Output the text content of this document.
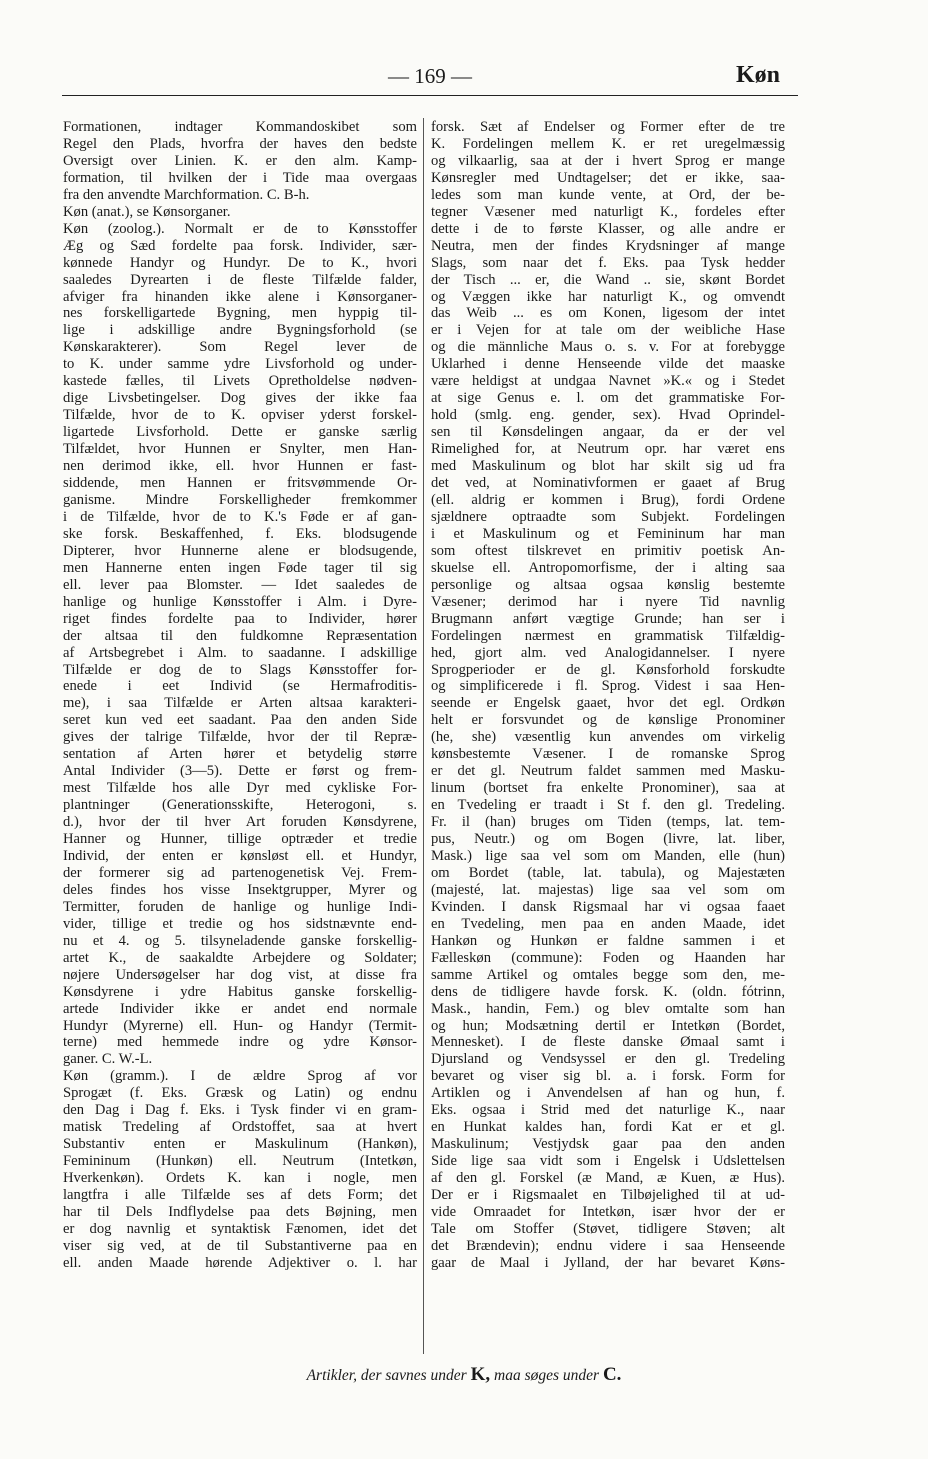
— 169 —	Køn

Formationen, indtager Kommandoskibet som

Regel den Plads, hvorfra der haves den bedste

Oversigt over Linien. K. er den alm. Kamp-

formation, til hvilken der i Tide maa overgaas

fra den anvendte Marchformation. C. B-h.

Køn (anat.), se Kønsorganer.

Køn (zoolog.). Normalt er de to Kønsstoffer

Æg og Sæd fordelte paa forsk. Individer, sær-

kønnede Handyr og Hundyr. De to K., hvori

saaledes Dyrearten i de fleste Tilfælde falder,

afviger fra hinanden ikke alene i Kønsorganer-

nes forskelligartede Bygning, men hyppig til-

lige i adskillige andre Bygningsforhold (se

Kønskarakterer). Som Regel lever de

to K. under samme ydre Livsforhold og under-

kastede fælles, til Livets Opretholdelse nødven-

dige Livsbetingelser. Dog gives der ikke faa

Tilfælde, hvor de to K. opviser yderst forskel-

ligartede Livsforhold. Dette er ganske særlig

Tilfældet, hvor Hunnen er Snylter, men Han-

nen derimod ikke, ell. hvor Hunnen er fast-

siddende, men Hannen er fritsvømmende Or-

ganisme. Mindre Forskelligheder fremkommer

i de Tilfælde, hvor de to K.'s Føde er af gan-

ske forsk. Beskaffenhed, f. Eks. blodsugende

Dipterer, hvor Hunnerne alene er blodsugende,

men Hannerne enten ingen Føde tager til sig

ell. lever paa Blomster. — Idet saaledes de

hanlige og hunlige Kønsstoffer i Alm. i Dyre-

riget findes fordelte paa to Individer, hører

der altsaa til den fuldkomne Repræsentation

af Artsbegrebet i Alm. to saadanne. I adskillige

Tilfælde er dog de to Slags Kønsstoffer for-

enede i eet Individ (se Hermafroditis-

me), i saa Tilfælde er Arten altsaa karakteri-

seret kun ved eet saadant. Paa den anden Side

gives der talrige Tilfælde, hvor der til Repræ-

sentation af Arten hører et betydelig større

Antal Individer (3—5). Dette er først og frem-

mest Tilfælde hos alle Dyr med cykliske For-

plantninger (Generationsskifte, Heterogoni, s.

d.), hvor der til hver Art foruden Kønsdyrene,

Hanner og Hunner, tillige optræder et tredie

Individ, der enten er kønsløst ell. et Hundyr,

der formerer sig ad partenogenetisk Vej. Frem-

deles findes hos visse Insektgrupper, Myrer og

Termitter, foruden de hanlige og hunlige Indi-

vider, tillige et tredie og hos sidstnævnte end-

nu et 4. og 5. tilsyneladende ganske forskellig-

artet K., de saakaldte Arbejdere og Soldater;

nøjere Undersøgelser har dog vist, at disse fra

Kønsdyrene i ydre Habitus ganske forskellig-

artede Individer ikke er andet end normale

Hundyr (Myrerne) ell. Hun- og Handyr (Termit-

terne) med hemmede indre og ydre Kønsor-

ganer. C. W.-L.

Køn (gramm.). I de ældre Sprog af vor

Sprogæt (f. Eks. Græsk og Latin) og endnu

den Dag i Dag f. Eks. i Tysk finder vi en gram-

matisk Tredeling af Ordstoffet, saa at hvert

Substantiv enten er Maskulinum (Hankøn),

Femininum (Hunkøn) ell. Neutrum (Intetkøn,

Hverkenkøn). Ordets K. kan i nogle, men

langtfra i alle Tilfælde ses af dets Form; det

har til Dels Indflydelse paa dets Bøjning, men

er dog navnlig et syntaktisk Fænomen, idet det

viser sig ved, at de til Substantiverne paa en

ell. anden Maade hørende Adjektiver o. l. har

forsk. Sæt af Endelser og Former efter de tre

K. Fordelingen mellem K. er ret uregelmæssig

og vilkaarlig, saa at der i hvert Sprog er mange

Kønsregler med Undtagelser; det er ikke, saa-

ledes som man kunde vente, at Ord, der be-

tegner Væsener med naturligt K., fordeles efter

dette i de to første Klasser, og alle andre er

Neutra, men der findes Krydsninger af mange

Slags, som naar det f. Eks. paa Tysk hedder

der Tisch ... er, die Wand .. sie, skønt Bordet

og Væggen ikke har naturligt K., og omvendt

das Weib ... es om Konen, ligesom der intet

er i Vejen for at tale om der weibliche Hase

og die männliche Maus o. s. v. For at forebygge

Uklarhed i denne Henseende vilde det maaske

være heldigst at undgaa Navnet »K.« og i Stedet

at sige Genus e. l. om det grammatiske For-

hold (smlg. eng. gender, sex). Hvad Oprindel-

sen til Kønsdelingen angaar, da er der vel

Rimelighed for, at Neutrum opr. har været ens

med Maskulinum og blot har skilt sig ud fra

det ved, at Nominativformen er gaaet af Brug

(ell. aldrig er kommen i Brug), fordi Ordene

sjældnere optraadte som Subjekt. Fordelingen

i et Maskulinum og et Femininum har man

som oftest tilskrevet en primitiv poetisk An-

skuelse ell. Antropomorfisme, der i alting saa

personlige og altsaa ogsaa kønslig bestemte

Væsener; derimod har i nyere Tid navnlig

Brugmann anført vægtige Grunde; han ser i

Fordelingen nærmest en grammatisk Tilfældig-

hed, gjort alm. ved Analogidannelser. I nyere

Sprogperioder er de gl. Kønsforhold forskudte

og simplificerede i fl. Sprog. Videst i saa Hen-

seende er Engelsk gaaet, hvor det egl. Ordkøn

helt er forsvundet og de kønslige Pronominer

(he, she) væsentlig kun anvendes om virkelig

kønsbestemte Væsener. I de romanske Sprog

er det gl. Neutrum faldet sammen med Masku-

linum (bortset fra enkelte Pronominer), saa at

en Tvedeling er traadt i St f. den gl. Tredeling.

Fr. il (han) bruges om Tiden (temps, lat. tem-

pus, Neutr.) og om Bogen (livre, lat. liber,

Mask.) lige saa vel som om Manden, elle (hun)

om Bordet (table, lat. tabula), og Majestæten

(majesté, lat. majestas) lige saa vel som om

Kvinden. I dansk Rigsmaal har vi ogsaa faaet

en Tvedeling, men paa en anden Maade, idet

Hankøn og Hunkøn er faldne sammen i et

Fælleskøn (commune): Foden og Haanden har

samme Artikel og omtales begge som den, me-

dens de tidligere havde forsk. K. (oldn. fótrinn,

Mask., handin, Fem.) og blev omtalte som han

og hun; Modsætning dertil er Intetkøn (Bordet,

Mennesket). I de fleste danske Ømaal samt i

Djursland og Vendsyssel er den gl. Tredeling

bevaret og viser sig bl. a. i forsk. Form for

Artiklen og i Anvendelsen af han og hun, f.

Eks. ogsaa i Strid med det naturlige K., naar

en Hunkat kaldes han, fordi Kat er et gl.

Maskulinum; Vestjydsk gaar paa den anden

Side lige saa vidt som i Engelsk i Udslettelsen

af den gl. Forskel (æ Mand, æ Kuen, æ Hus).

Der er i Rigsmaalet en Tilbøjelighed til at ud-

vide Omraadet for Intetkøn, især hvor der er

Tale om Stoffer (Støvet, tidligere Støven; alt

det Brændevin); endnu videre i saa Henseende

gaar de Maal i Jylland, der har bevaret Køns-

Artikler, der savnes under K, maa søges under C.
